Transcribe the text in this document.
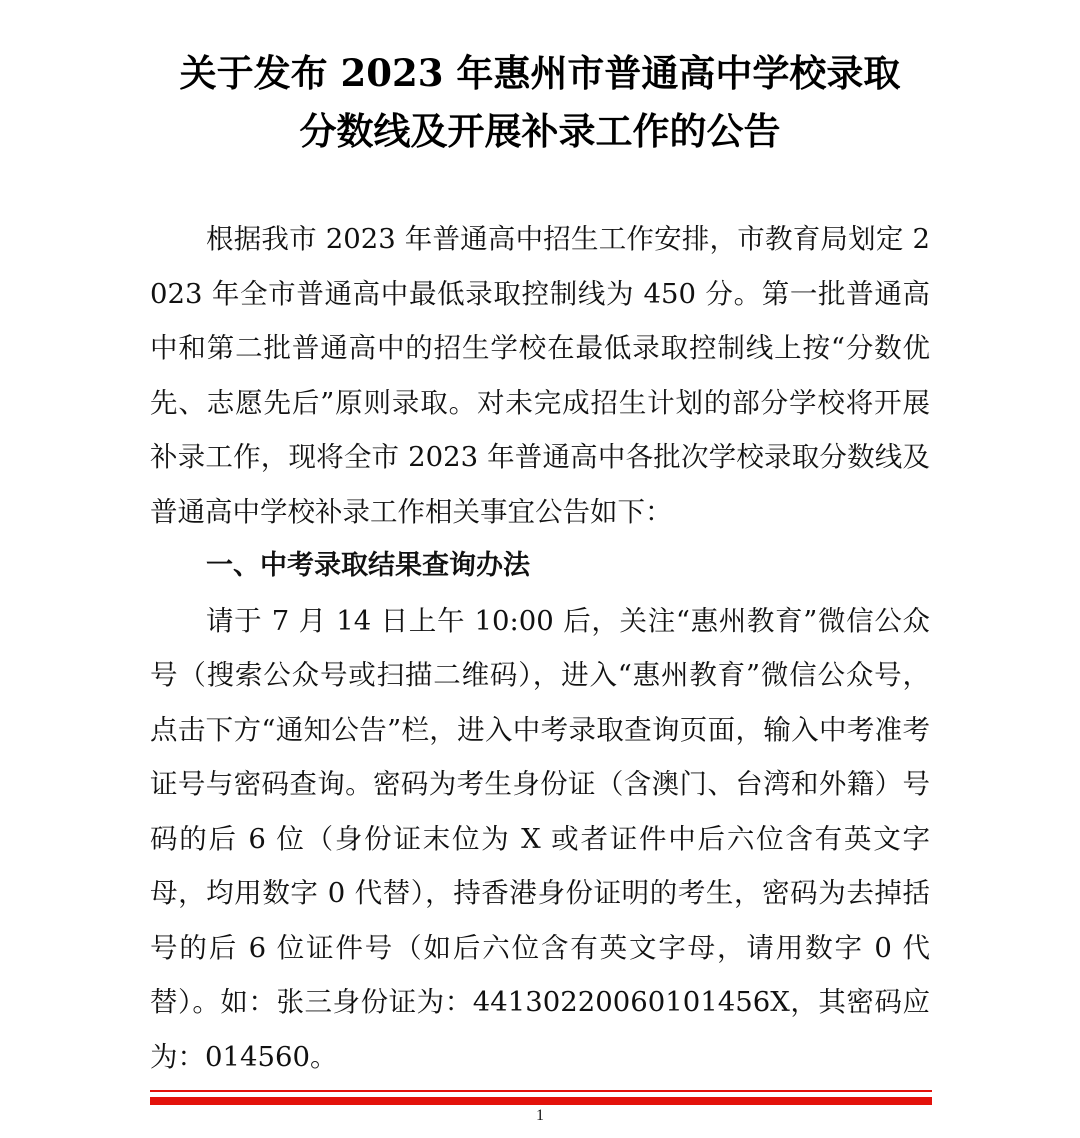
关于发布 2023 年惠州市普通高中学校录取
分数线及开展补录工作的公告

根据我市 2023 年普通高中招生工作安排，市教育局划定 2023 年全市普通高中最低录取控制线为 450 分。第一批普通高中和第二批普通高中的招生学校在最低录取控制线上按“分数优先、志愿先后”原则录取。对未完成招生计划的部分学校将开展补录工作，现将全市 2023 年普通高中各批次学校录取分数线及普通高中学校补录工作相关事宜公告如下：

一、中考录取结果查询办法

请于 7 月 14 日上午 10:00 后，关注“惠州教育”微信公众号（搜索公众号或扫描二维码），进入“惠州教育”微信公众号，点击下方“通知公告”栏，进入中考录取查询页面，输入中考准考证号与密码查询。密码为考生身份证（含澳门、台湾和外籍）号码的后 6 位（身份证末位为 X 或者证件中后六位含有英文字母，均用数字 0 代替），持香港身份证明的考生，密码为去掉括号的后 6 位证件号（如后六位含有英文字母，请用数字 0 代替）。如：张三身份证为：4413022006010145​6X，其密码应为：014560。

1
